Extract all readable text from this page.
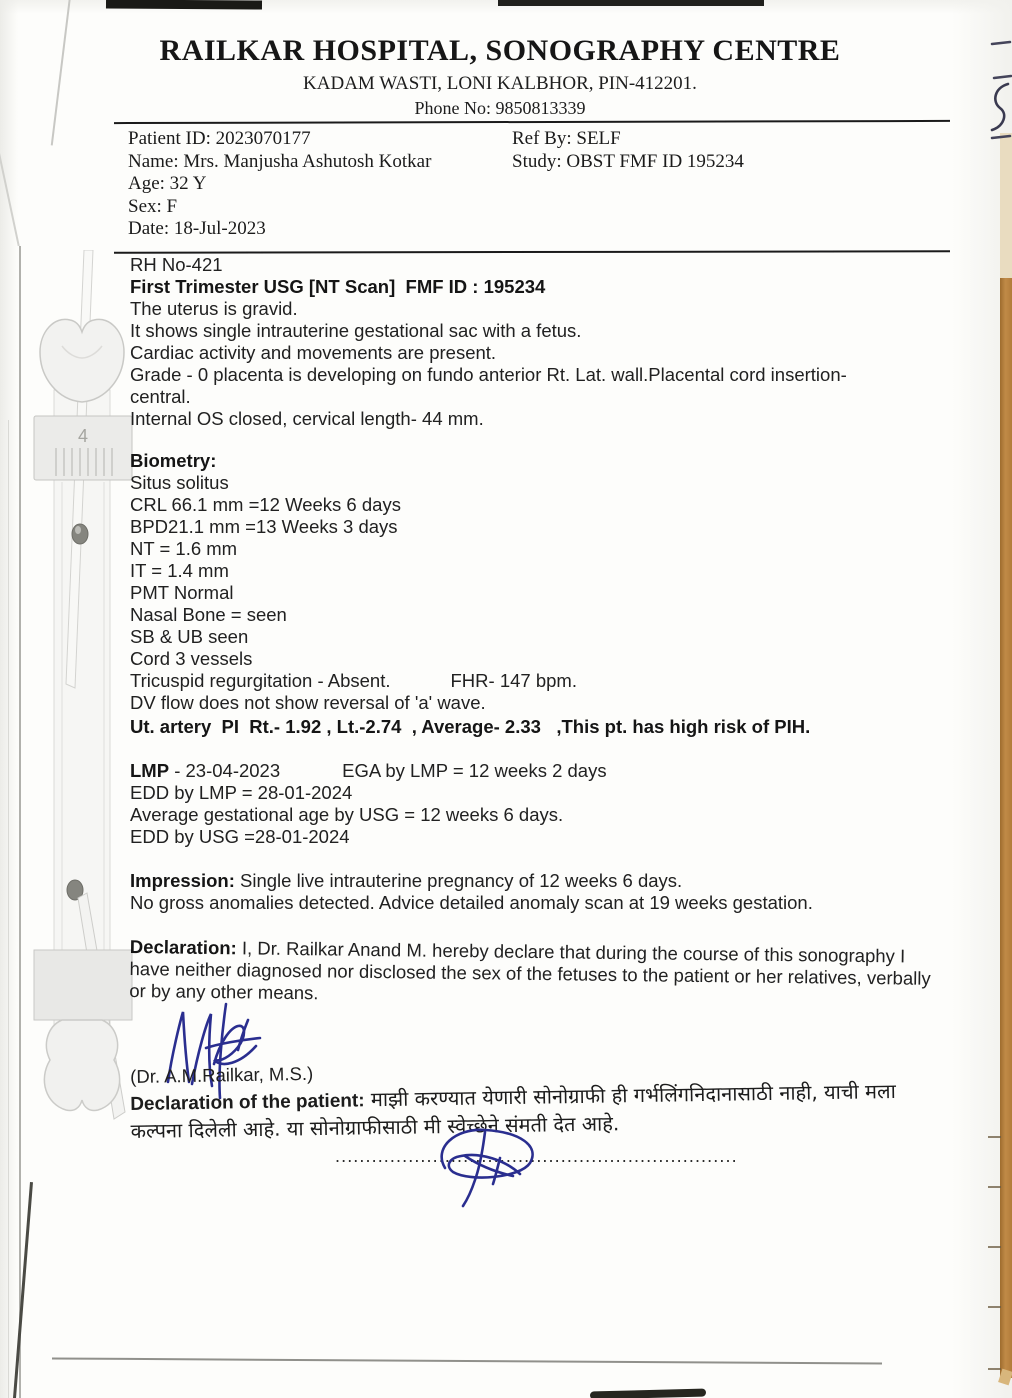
4
RAILKAR HOSPITAL, SONOGRAPHY CENTRE
KADAM WASTI, LONI KALBHOR, PIN-412201.
Phone No: 9850813339
Patient ID: 2023070177
Name: Mrs. Manjusha Ashutosh Kotkar
Age: 32 Y
Sex: F
Date: 18-Jul-2023
Ref By: SELF
Study: OBST FMF ID 195234

RH No-421

First Trimester USG [NT Scan]  FMF ID : 195234

The uterus is gravid.

It shows single intrauterine gestational sac with a fetus.

Cardiac activity and movements are present.

Grade - 0 placenta is developing on fundo anterior Rt. Lat. wall.Placental cord insertion-central.

Internal OS closed, cervical length- 44 mm.

Biometry:

Situs solitus

CRL 66.1 mm =12 Weeks 6 days

BPD21.1 mm =13 Weeks 3 days

NT = 1.6 mm

IT = 1.4 mm

PMT Normal

Nasal Bone = seen

SB & UB seen

Cord 3 vessels

Tricuspid regurgitation - Absent.	FHR- 147 bpm.

DV flow does not show reversal of 'a' wave.

Ut. artery  PI  Rt.- 1.92 , Lt.-2.74  , Average- 2.33   ,This pt. has high risk of PIH.

LMP - 23-04-2023	EGA by LMP = 12 weeks 2 days

EDD by LMP = 28-01-2024

Average gestational age by USG = 12 weeks 6 days.

EDD by USG =28-01-2024

Impression: Single live intrauterine pregnancy of 12 weeks 6 days.

No gross anomalies detected. Advice detailed anomaly scan at 19 weeks gestation.

Declaration: I, Dr. Railkar Anand M. hereby declare that during the course of this sonography I have neither diagnosed nor disclosed the sex of the fetuses to the patient or her relatives, verbally or by any other means.

(Dr. A.M.Railkar, M.S.)
Declaration of the patient: माझी करण्यात येणारी सोनोग्राफी ही गर्भलिंगनिदानासाठी नाही, याची मला कल्पना दिलेली आहे. या सोनोग्राफीसाठी मी स्वेच्छेने संमती देत आहे.
..................................................................
